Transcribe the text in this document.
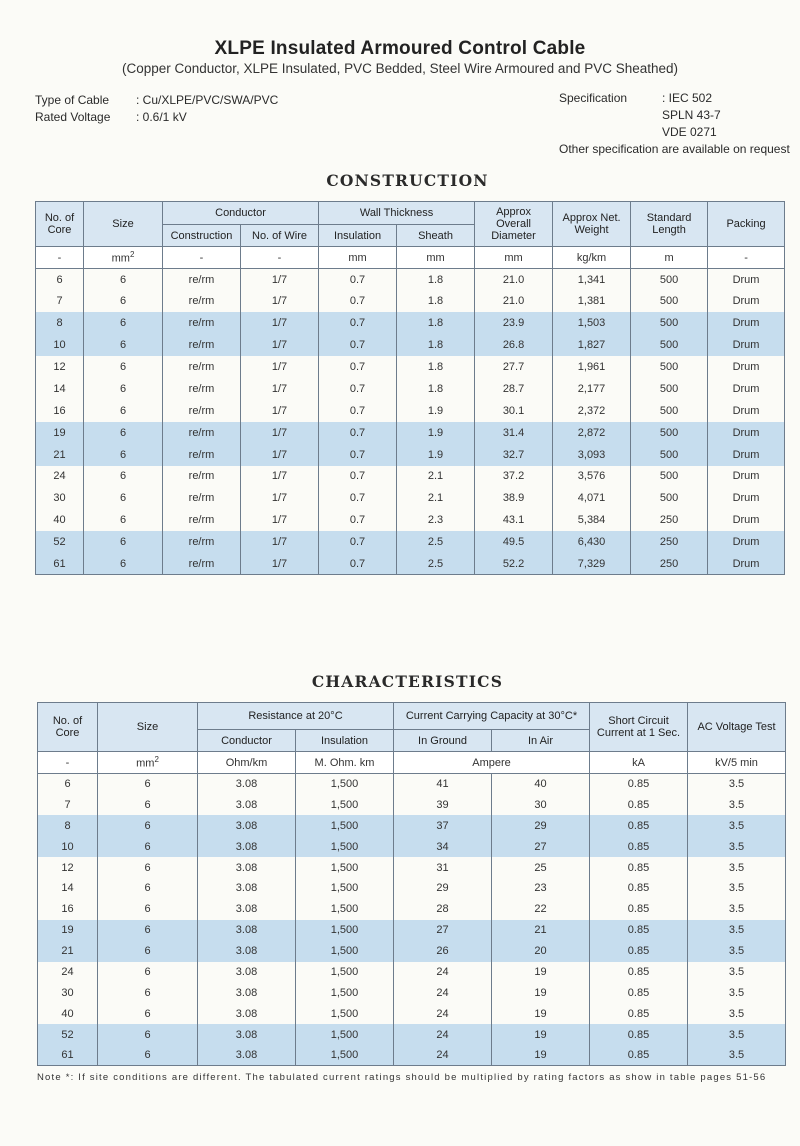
XLPE Insulated Armoured Control Cable
(Copper Conductor, XLPE Insulated, PVC Bedded, Steel Wire Armoured and PVC Sheathed)
Type of Cable : Cu/XLPE/PVC/SWA/PVC
Rated Voltage : 0.6/1 kV
Specification	: IEC 502
SPLN 43-7
VDE 0271
Other specification are available on request
CONSTRUCTION
No. of Core	Size	Conductor		Wall Thickness		Approx Overall Diameter	Approx Net. Weight	Standard Length	Packing
		Construction	No. of Wire	Insulation	Sheath				
-	$mm^2$	-	-	mm	mm	mm	kg/km	m	-
6	6	re/rm	1/7	0.7	1.8	21.0	1,341	500	Drum
7	6	re/rm	1/7	0.7	1.8	21.0	1,381	500	Drum
8	6	re/rm	1/7	0.7	1.8	23.9	1,503	500	Drum
10	6	re/rm	1/7	0.7	1.8	26.8	1,827	500	Drum
12	6	re/rm	1/7	0.7	1.8	27.7	1,961	500	Drum
14	6	re/rm	1/7	0.7	1.8	28.7	2,177	500	Drum
16	6	re/rm	1/7	0.7	1.9	30.1	2,372	500	Drum
19	6	re/rm	1/7	0.7	1.9	31.4	2,872	500	Drum
21	6	re/rm	1/7	0.7	1.9	32.7	3,093	500	Drum
24	6	re/rm	1/7	0.7	2.1	37.2	3,576	500	Drum
30	6	re/rm	1/7	0.7	2.1	38.9	4,071	500	Drum
40	6	re/rm	1/7	0.7	2.3	43.1	5,384	250	Drum
52	6	re/rm	1/7	0.7	2.5	49.5	6,430	250	Drum
61	6	re/rm	1/7	0.7	2.5	52.2	7,329	250	Drum
CHARACTERISTICS
No. of Core	Size	Resistance at 20°C		Current Carrying Capacity at 30°C*		Short Circuit Current at 1 Sec.	AC Voltage Test
		Conductor	Insulation	In Ground	In Air		
-	$mm^2$	Ohm/km	M. Ohm. km	Ampere		kA	kV/5 min
6	6	3.08	1,500	41	40	0.85	3.5
7	6	3.08	1,500	39	30	0.85	3.5
8	6	3.08	1,500	37	29	0.85	3.5
10	6	3.08	1,500	34	27	0.85	3.5
12	6	3.08	1,500	31	25	0.85	3.5
14	6	3.08	1,500	29	23	0.85	3.5
16	6	3.08	1,500	28	22	0.85	3.5
19	6	3.08	1,500	27	21	0.85	3.5
21	6	3.08	1,500	26	20	0.85	3.5
24	6	3.08	1,500	24	19	0.85	3.5
30	6	3.08	1,500	24	19	0.85	3.5
40	6	3.08	1,500	24	19	0.85	3.5
52	6	3.08	1,500	24	19	0.85	3.5
61	6	3.08	1,500	24	19	0.85	3.5
Note *: If site conditions are different. The tabulated current ratings should be multiplied by rating factors as show in table pages 51-56
